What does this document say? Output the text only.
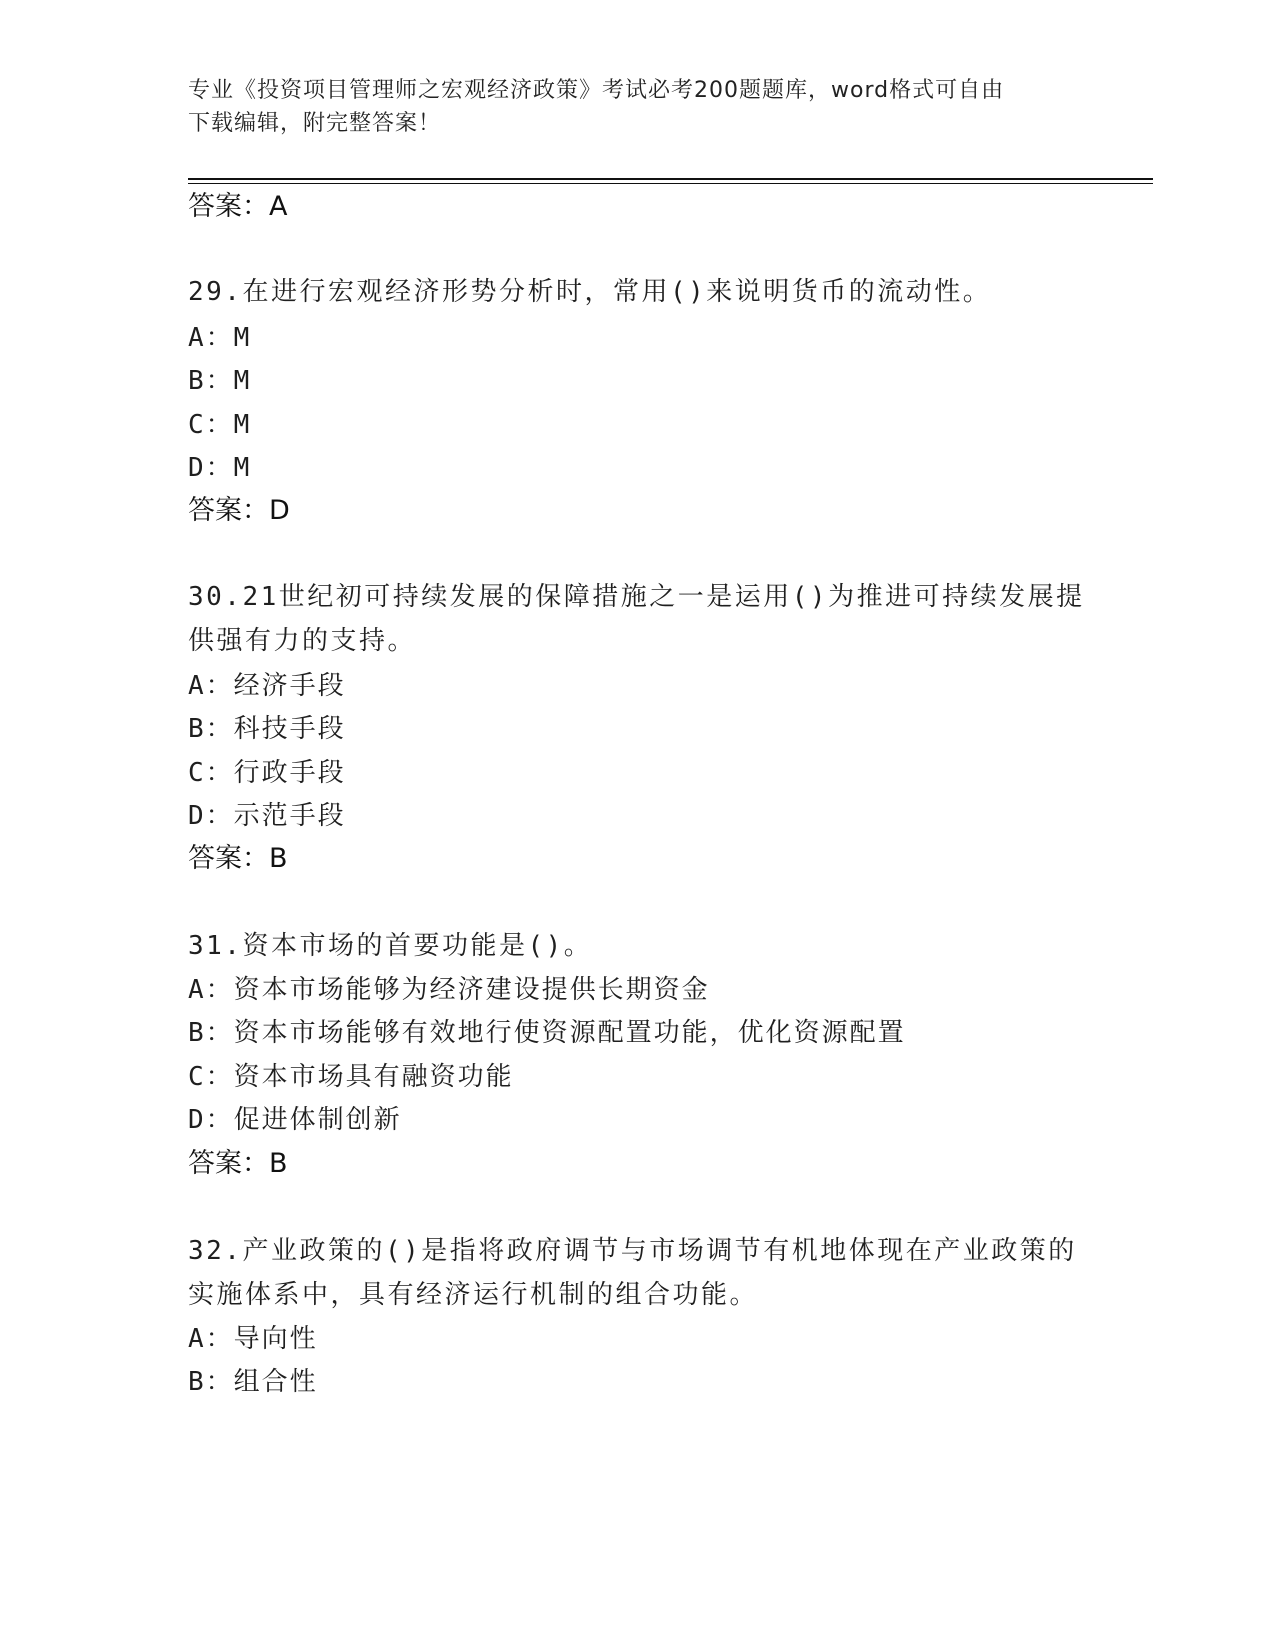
专业《投资项目管理师之宏观经济政策》考试必考200题题库，word格式可自由
下载编辑，附完整答案！
答案：A
29.在进行宏观经济形势分析时，常用()来说明货币的流动性。
A：M
B：M
C：M
D：M
答案：D
30.21世纪初可持续发展的保障措施之一是运用()为推进可持续发展提
供强有力的支持。
A：经济手段
B：科技手段
C：行政手段
D：示范手段
答案：B
31.资本市场的首要功能是()。
A：资本市场能够为经济建设提供长期资金
B：资本市场能够有效地行使资源配置功能，优化资源配置
C：资本市场具有融资功能
D：促进体制创新
答案：B
32.产业政策的()是指将政府调节与市场调节有机地体现在产业政策的
实施体系中，具有经济运行机制的组合功能。
A：导向性
B：组合性
